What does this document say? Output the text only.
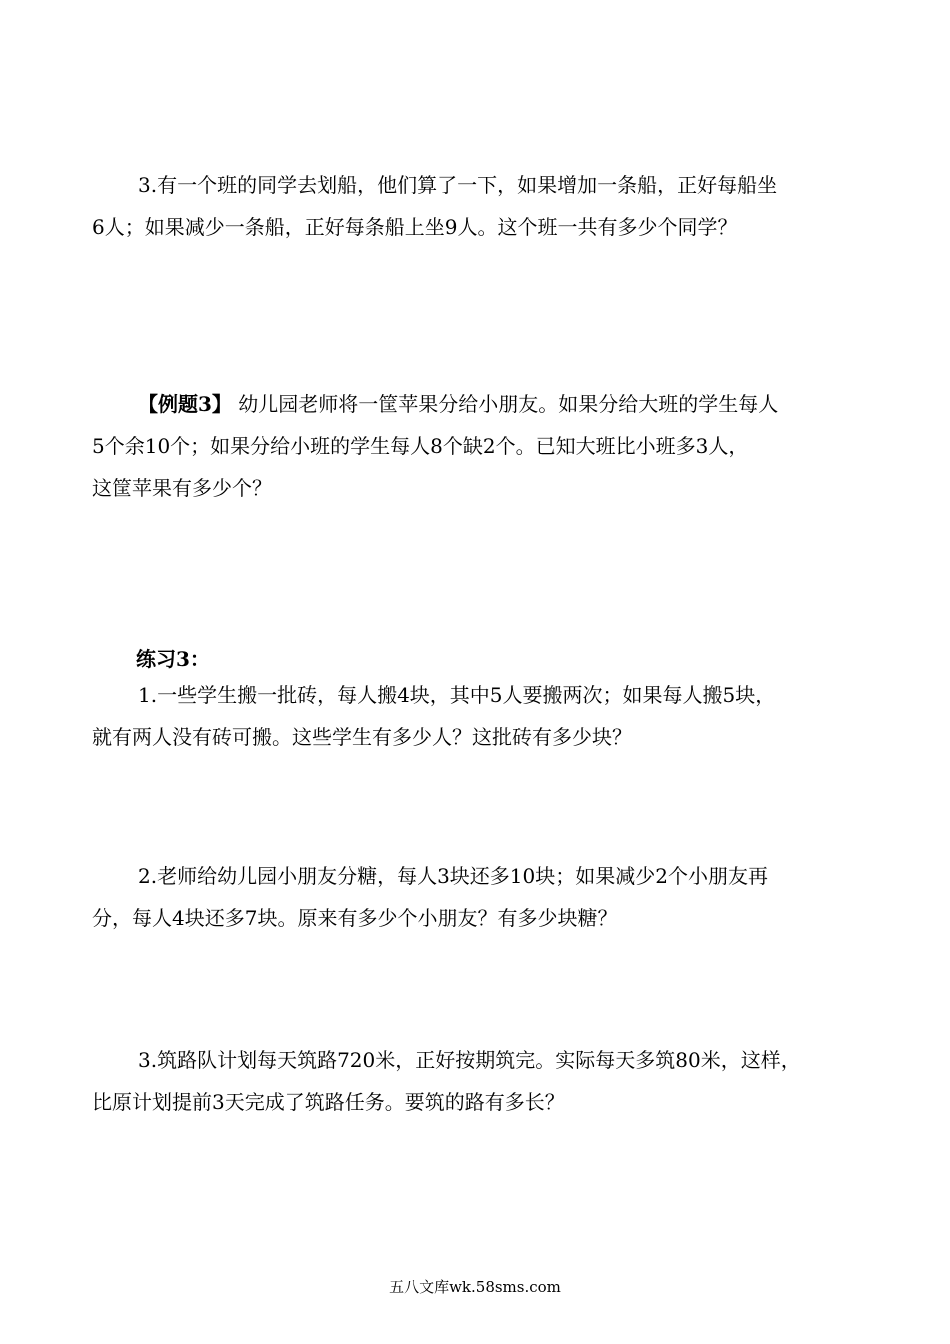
3.有一个班的同学去划船，他们算了一下，如果增加一条船，正好每船坐
6人；如果减少一条船，正好每条船上坐9人。这个班一共有多少个同学？

【例题3】 幼儿园老师将一筐苹果分给小朋友。如果分给大班的学生每人
5个余10个；如果分给小班的学生每人8个缺2个。已知大班比小班多3人，
这筐苹果有多少个？

练习3：

1.一些学生搬一批砖，每人搬4块，其中5人要搬两次；如果每人搬5块，
就有两人没有砖可搬。这些学生有多少人？这批砖有多少块？

2.老师给幼儿园小朋友分糖，每人3块还多10块；如果减少2个小朋友再
分，每人4块还多7块。原来有多少个小朋友？有多少块糖？

3.筑路队计划每天筑路720米，正好按期筑完。实际每天多筑80米，这样，
比原计划提前3天完成了筑路任务。要筑的路有多长？

五八文库wk.58sms.com
